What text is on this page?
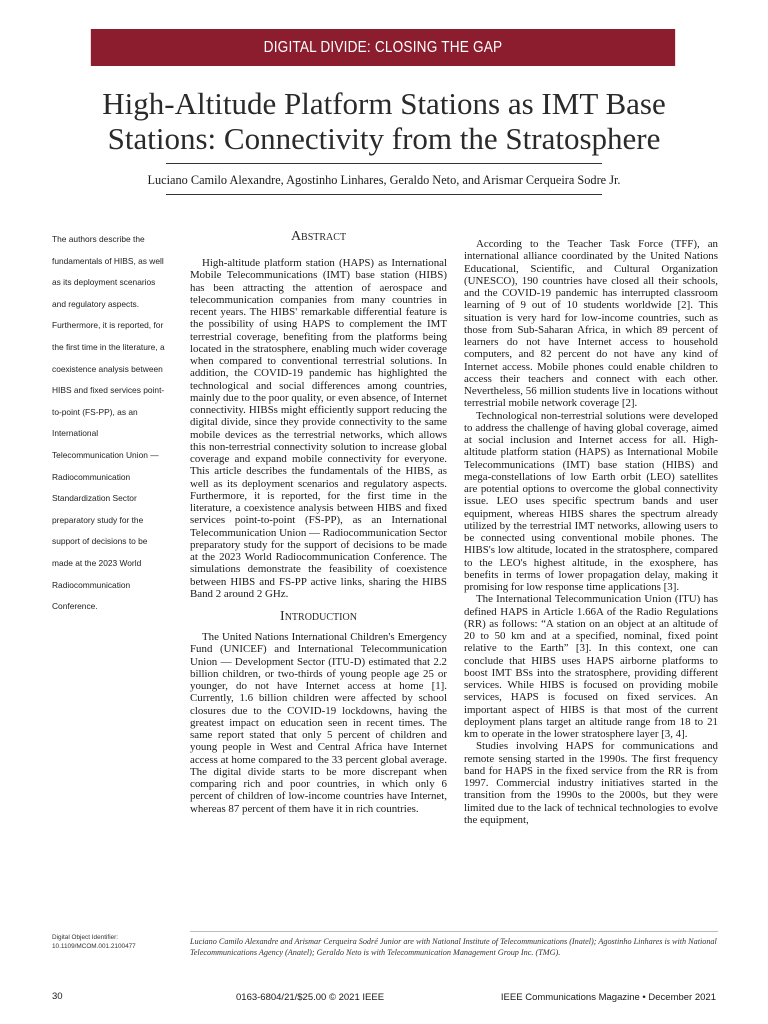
DIGITAL DIVIDE: CLOSING THE GAP
High-Altitude Platform Stations as IMT Base
Stations: Connectivity from the Stratosphere
Luciano Camilo Alexandre, Agostinho Linhares, Geraldo Neto, and Arismar Cerqueira Sodre Jr.
The authors describe the fundamentals of HIBS, as well as its deployment scenarios and regulatory aspects. Furthermore, it is reported, for the first time in the literature, a coexistence analysis between HIBS and fixed services point-to-point (FS-PP), as an International Telecommunication Union — Radiocommunication Standardization Sector preparatory study for the support of decisions to be made at the 2023 World Radiocommunication Conference.
Abstract

High-altitude platform station (HAPS) as International Mobile Telecommunications (IMT) base station (HIBS) has been attracting the attention of aerospace and telecommunication companies from many countries in recent years. The HIBS' remarkable differential feature is the possibility of using HAPS to complement the IMT terrestrial coverage, benefiting from the platforms being located in the stratosphere, enabling much wider coverage when compared to conventional terrestrial solutions. In addition, the COVID-19 pandemic has highlighted the technological and social differences among countries, mainly due to the poor quality, or even absence, of Internet connectivity. HIBSs might efficiently support reducing the digital divide, since they provide connectivity to the same mobile devices as the terrestrial networks, which allows this non-terrestrial connectivity solution to increase global coverage and expand mobile connectivity for everyone. This article describes the fundamentals of the HIBS, as well as its deployment scenarios and regulatory aspects. Furthermore, it is reported, for the first time in the literature, a coexistence analysis between HIBS and fixed services point-to-point (FS-PP), as an International Telecommunication Union — Radiocommunication Sector preparatory study for the support of decisions to be made at the 2023 World Radiocommunication Conference. The simulations demonstrate the feasibility of coexistence between HIBS and FS-PP active links, sharing the HIBS Band 2 around 2 GHz.

Introduction

The United Nations International Children's Emergency Fund (UNICEF) and International Telecommunication Union — Development Sector (ITU-D) estimated that 2.2 billion children, or two-thirds of young people age 25 or younger, do not have Internet access at home [1]. Currently, 1.6 billion children were affected by school closures due to the COVID-19 lockdowns, having the greatest impact on education seen in recent times. The same report stated that only 5 percent of children and young people in West and Central Africa have Internet access at home compared to the 33 percent global average. The digital divide starts to be more discrepant when comparing rich and poor countries, in which only 6 percent of children of low-income countries have Internet, whereas 87 percent of them have it in rich countries.

According to the Teacher Task Force (TFF), an international alliance coordinated by the United Nations Educational, Scientific, and Cultural Organization (UNESCO), 190 countries have closed all their schools, and the COVID-19 pandemic has interrupted classroom learning of 9 out of 10 students worldwide [2]. This situation is very hard for low-income countries, such as those from Sub-Saharan Africa, in which 89 percent of learners do not have Internet access to household computers, and 82 percent do not have any kind of Internet access. Mobile phones could enable children to access their teachers and connect with each other. Nevertheless, 56 million students live in locations without terrestrial mobile network coverage [2].

Technological non-terrestrial solutions were developed to address the challenge of having global coverage, aimed at social inclusion and Internet access for all. High-altitude platform station (HAPS) as International Mobile Telecommunications (IMT) base station (HIBS) and mega-constellations of low Earth orbit (LEO) satellites are potential options to overcome the global connectivity issue. LEO uses specific spectrum bands and user equipment, whereas HIBS shares the spectrum already utilized by the terrestrial IMT networks, allowing users to be connected using conventional mobile phones. The HIBS's low altitude, located in the stratosphere, compared to the LEO's highest altitude, in the exosphere, has benefits in terms of lower propagation delay, making it promising for low response time applications [3].

The International Telecommunication Union (ITU) has defined HAPS in Article 1.66A of the Radio Regulations (RR) as follows: “A station on an object at an altitude of 20 to 50 km and at a specified, nominal, fixed point relative to the Earth” [3]. In this context, one can conclude that HIBS uses HAPS airborne platforms to boost IMT BSs into the stratosphere, providing different services. While HIBS is focused on providing mobile services, HAPS is focused on fixed services. An important aspect of HIBS is that most of the current deployment plans target an altitude range from 18 to 21 km to operate in the lower stratosphere layer [3, 4].

Studies involving HAPS for communications and remote sensing started in the 1990s. The first frequency band for HAPS in the fixed service from the RR is from 1997. Commercial industry initiatives started in the transition from the 1990s to the 2000s, but they were limited due to the lack of technical technologies to evolve the equipment,

Digital Object Identifier: 10.1109/MCOM.001.2100477
Luciano Camilo Alexandre and Arismar Cerqueira Sodré Junior are with National Institute of Telecommunications (Inatel); Agostinho Linhares is with National Telecommunications Agency (Anatel); Geraldo Neto is with Telecommunication Management Group Inc. (TMG).
30	0163-6804/21/$25.00 © 2021 IEEE	IEEE Communications Magazine • December 2021
